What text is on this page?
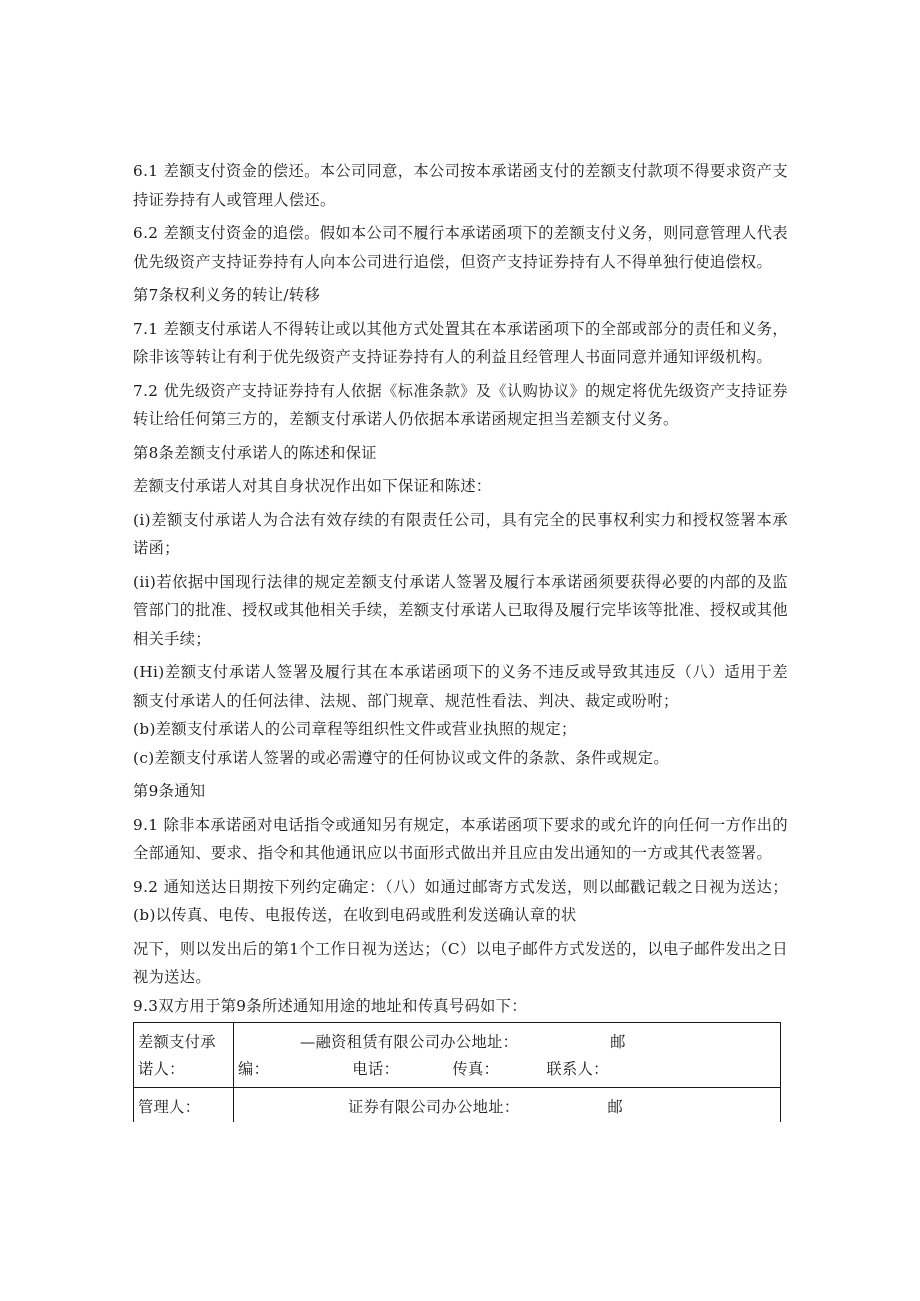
6.1 差额支付资金的偿还。本公司同意，本公司按本承诺函支付的差额支付款项不得要求资产支持证券持有人或管理人偿还。

6.2 差额支付资金的追偿。假如本公司不履行本承诺函项下的差额支付义务，则同意管理人代表优先级资产支持证券持有人向本公司进行追偿，但资产支持证券持有人不得单独行使追偿权。

第7条权利义务的转让/转移

7.1 差额支付承诺人不得转让或以其他方式处置其在本承诺函项下的全部或部分的责任和义务，除非该等转让有利于优先级资产支持证券持有人的利益且经管理人书面同意并通知评级机构。

7.2 优先级资产支持证券持有人依据《标准条款》及《认购协议》的规定将优先级资产支持证券转让给任何第三方的，差额支付承诺人仍依据本承诺函规定担当差额支付义务。

第8条差额支付承诺人的陈述和保证

差额支付承诺人对其自身状况作出如下保证和陈述：

(i)差额支付承诺人为合法有效存续的有限责任公司，具有完全的民事权利实力和授权签署本承诺函；

(ii)若依据中国现行法律的规定差额支付承诺人签署及履行本承诺函须要获得必要的内部的及监管部门的批准、授权或其他相关手续，差额支付承诺人已取得及履行完毕该等批准、授权或其他相关手续；

(Hi)差额支付承诺人签署及履行其在本承诺函项下的义务不违反或导致其违反（八）适用于差额支付承诺人的任何法律、法规、部门规章、规范性看法、判决、裁定或吩咐；

(b)差额支付承诺人的公司章程等组织性文件或营业执照的规定；

(c)差额支付承诺人签署的或必需遵守的任何协议或文件的条款、条件或规定。

第9条通知

9.1 除非本承诺函对电话指令或通知另有规定，本承诺函项下要求的或允许的向任何一方作出的全部通知、要求、指令和其他通讯应以书面形式做出并且应由发出通知的一方或其代表签署。

9.2 通知送达日期按下列约定确定：（八）如通过邮寄方式发送，则以邮戳记载之日视为送达；(b)以传真、电传、电报传送，在收到电码或胜利发送确认章的状

况下，则以发出后的第1个工作日视为送达；（C）以电子邮件方式发送的，以电子邮件发出之日视为送达。

9.3双方用于第9条所述通知用途的地址和传真号码如下：

差额支付承诺人：	—融资租赁有限公司办公地址： 邮
编： 电话： 传真： 联系人：

管理人：	证券有限公司办公地址： 邮
